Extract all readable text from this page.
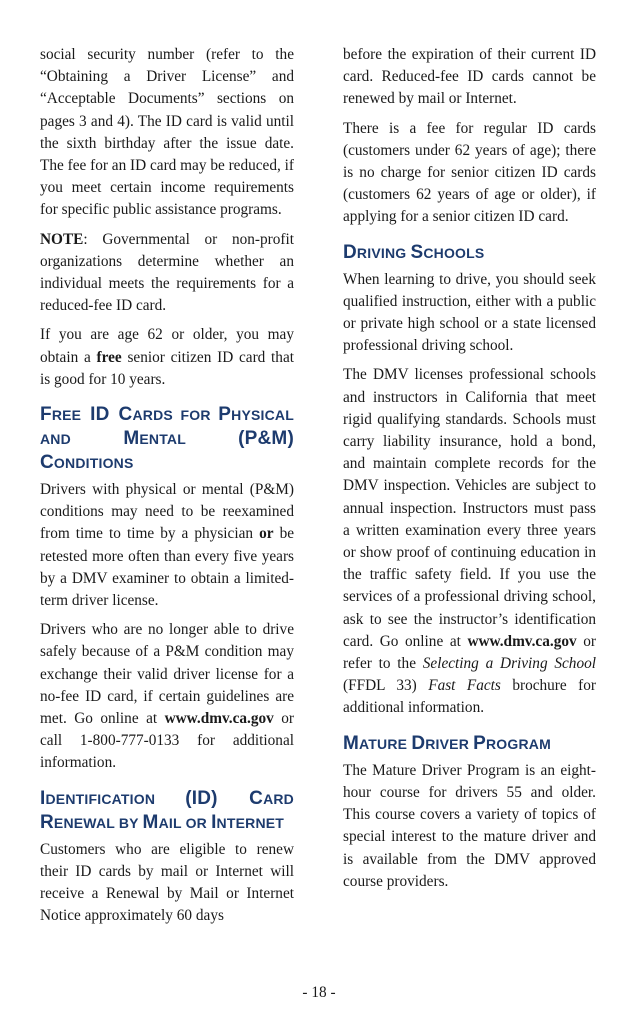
social security number (refer to the “Obtaining a Driver License” and “Acceptable Documents” sections on pages 3 and 4). The ID card is valid until the sixth birthday after the issue date. The fee for an ID card may be reduced, if you meet certain income requirements for specific public assistance programs.

NOTE: Governmental or non-profit organizations determine whether an individual meets the requirements for a reduced-fee ID card.

If you are age 62 or older, you may obtain a free senior citizen ID card that is good for 10 years.

FREE ID CARDS FOR PHYSICAL AND MENTAL (P&M) CONDITIONS

Drivers with physical or mental (P&M) conditions may need to be reexamined from time to time by a physician or be retested more often than every five years by a DMV examiner to obtain a limited-term driver license.

Drivers who are no longer able to drive safely because of a P&M condition may exchange their valid driver license for a no-fee ID card, if certain guidelines are met. Go online at www.dmv.ca.gov or call 1-800-777-0133 for additional information.

IDENTIFICATION (ID) CARD RENEWAL BY MAIL OR INTERNET

Customers who are eligible to renew their ID cards by mail or Internet will receive a Renewal by Mail or Internet Notice approximately 60 days

before the expiration of their current ID card. Reduced-fee ID cards cannot be renewed by mail or Internet.

There is a fee for regular ID cards (customers under 62 years of age); there is no charge for senior citizen ID cards (customers 62 years of age or older), if applying for a senior citizen ID card.

DRIVING SCHOOLS

When learning to drive, you should seek qualified instruction, either with a public or private high school or a state licensed professional driving school.

The DMV licenses professional schools and instructors in California that meet rigid qualifying standards. Schools must carry liability insurance, hold a bond, and maintain complete records for the DMV inspection. Vehicles are subject to annual inspection. Instructors must pass a written examination every three years or show proof of continuing education in the traffic safety field. If you use the services of a professional driving school, ask to see the instructor’s identification card. Go online at www.dmv.ca.gov or refer to the Selecting a Driving School (FFDL 33) Fast Facts brochure for additional information.

MATURE DRIVER PROGRAM

The Mature Driver Program is an eight-hour course for drivers 55 and older. This course covers a variety of topics of special interest to the mature driver and is available from the DMV approved course providers.

- 18 -
